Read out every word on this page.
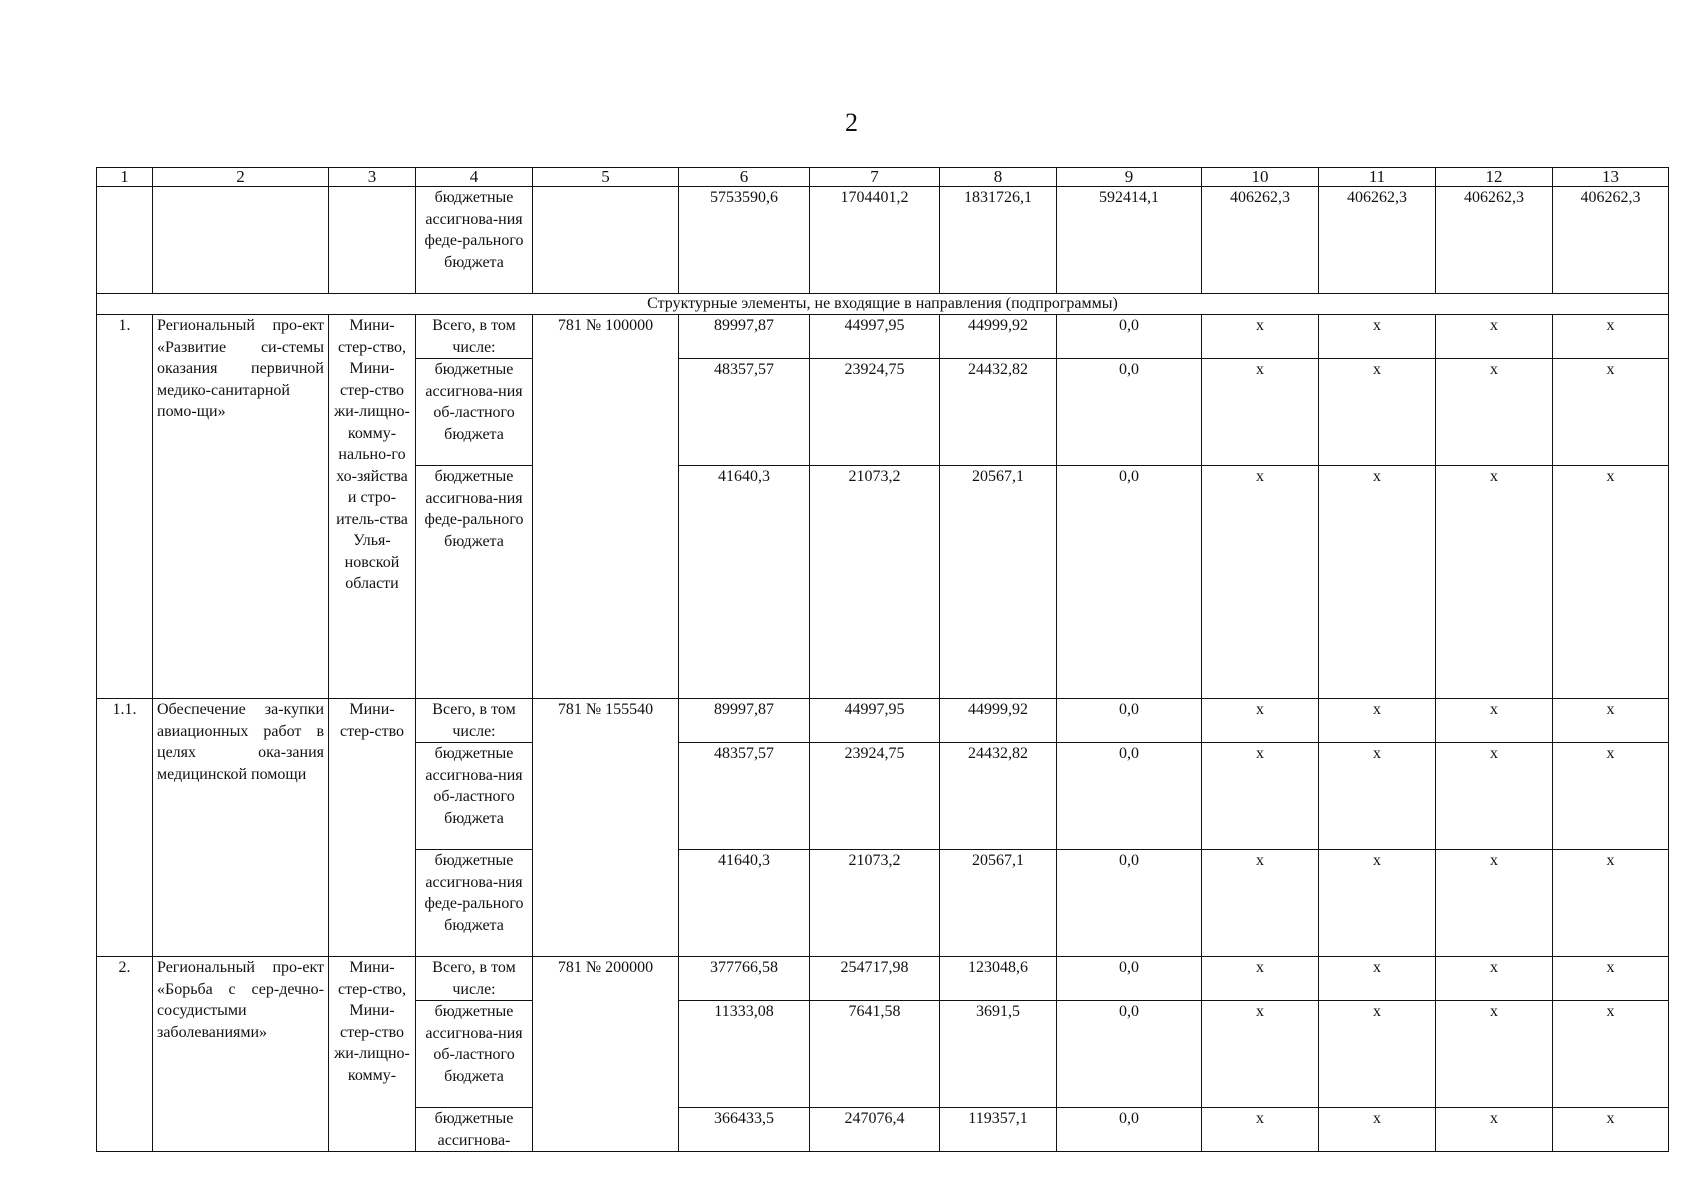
2
1	2	3	4	5	6	7	8	9	10	11	12	13
			бюджетные ассигнова-ния феде-рального бюджета		5753590,6	1704401,2	1831726,1	592414,1	406262,3	406262,3	406262,3	406262,3
Структурные элементы, не входящие в направления (подпрограммы)												
1.	Региональный про-ект «Развитие си-стемы оказания первичной медико-санитарной помо-щи»	Мини-стер-ство, Мини-стер-ство жи-лищно-комму-нально-го хо-зяйства и стро-итель-ства Улья-новской области	Всего, в том числе:	781 № 100000	89997,87	44997,95	44999,92	0,0	x	x	x	x
			бюджетные ассигнова-ния об-ластного бюджета		48357,57	23924,75	24432,82	0,0	x	x	x	x
			бюджетные ассигнова-ния феде-рального бюджета		41640,3	21073,2	20567,1	0,0	x	x	x	x
1.1.	Обеспечение за-купки авиационных работ в целях ока-зания медицинской помощи	Мини-стер-ство	Всего, в том числе:	781 № 155540	89997,87	44997,95	44999,92	0,0	x	x	x	x
			бюджетные ассигнова-ния об-ластного бюджета		48357,57	23924,75	24432,82	0,0	x	x	x	x
			бюджетные ассигнова-ния феде-рального бюджета		41640,3	21073,2	20567,1	0,0	x	x	x	x
2.	Региональный про-ект «Борьба с сер-дечно-сосудистыми заболеваниями»	Мини-стер-ство, Мини-стер-ство жи-лищно-комму-	Всего, в том числе:	781 № 200000	377766,58	254717,98	123048,6	0,0	x	x	x	x
			бюджетные ассигнова-ния об-ластного бюджета		11333,08	7641,58	3691,5	0,0	x	x	x	x
			бюджетные ассигнова-		366433,5	247076,4	119357,1	0,0	x	x	x	x
